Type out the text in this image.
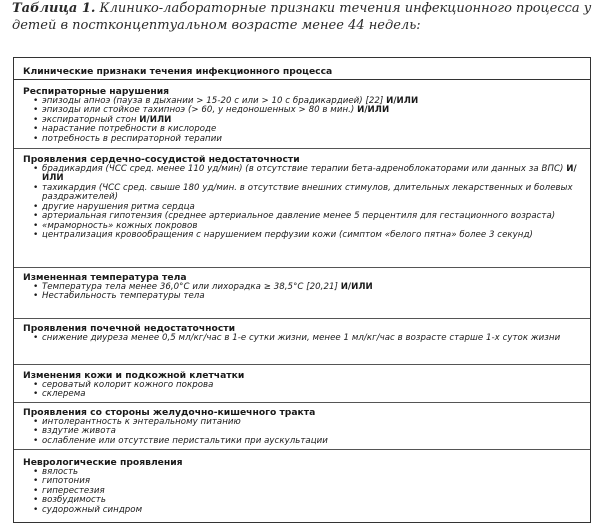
Таблица 1. Клинико-лабораторные признаки течения инфекционного процесса у детей в постконцептуальном возрасте менее 44 недель:
Клинические признаки течения инфекционного процесса
Респираторные нарушения
• эпизоды апноэ (пауза в дыхании > 15-20 с или > 10 с брадикардией) [22] И/ИЛИ
• эпизоды или стойкое тахипноэ (> 60, у недоношенных > 80 в мин.) И/ИЛИ
• экспираторный стон И/ИЛИ
• нарастание потребности в кислороде
• потребность в респираторной терапии
Проявления сердечно-сосудистой недостаточности
• брадикардия (ЧСС сред. менее 110 уд/мин) (в отсутствие терапии бета-адреноблокаторами или данных за ВПС) И/ИЛИ
• тахикардия (ЧСС сред. свыше 180 уд/мин. в отсутствие внешних стимулов, длительных лекарственных и болевых раздражителей)
• другие нарушения ритма сердца
• артериальная гипотензия (среднее артериальное давление менее 5 перцентиля для гестационного возраста)
• «мраморность» кожных покровов
• централизация кровообращения с нарушением перфузии кожи (симптом «белого пятна» более 3 секунд)
Измененная температура тела
• Температура тела менее 36,0°С или лихорадка ≥ 38,5°С [20,21] И/ИЛИ
• Нестабильность температуры тела
Проявления почечной недостаточности
• снижение диуреза менее 0,5 мл/кг/час в 1-е сутки жизни, менее 1 мл/кг/час в возрасте старше 1-х суток жизни
Изменения кожи и подкожной клетчатки
• сероватый колорит кожного покрова
• склерема
Проявления со стороны желудочно-кишечного тракта
• интолерантность к энтеральному питанию
• вздутие живота
• ослабление или отсутствие перистальтики при аускультации
Неврологические проявления
• вялость
• гипотония
• гиперестезия
• возбудимость
• судорожный синдром
